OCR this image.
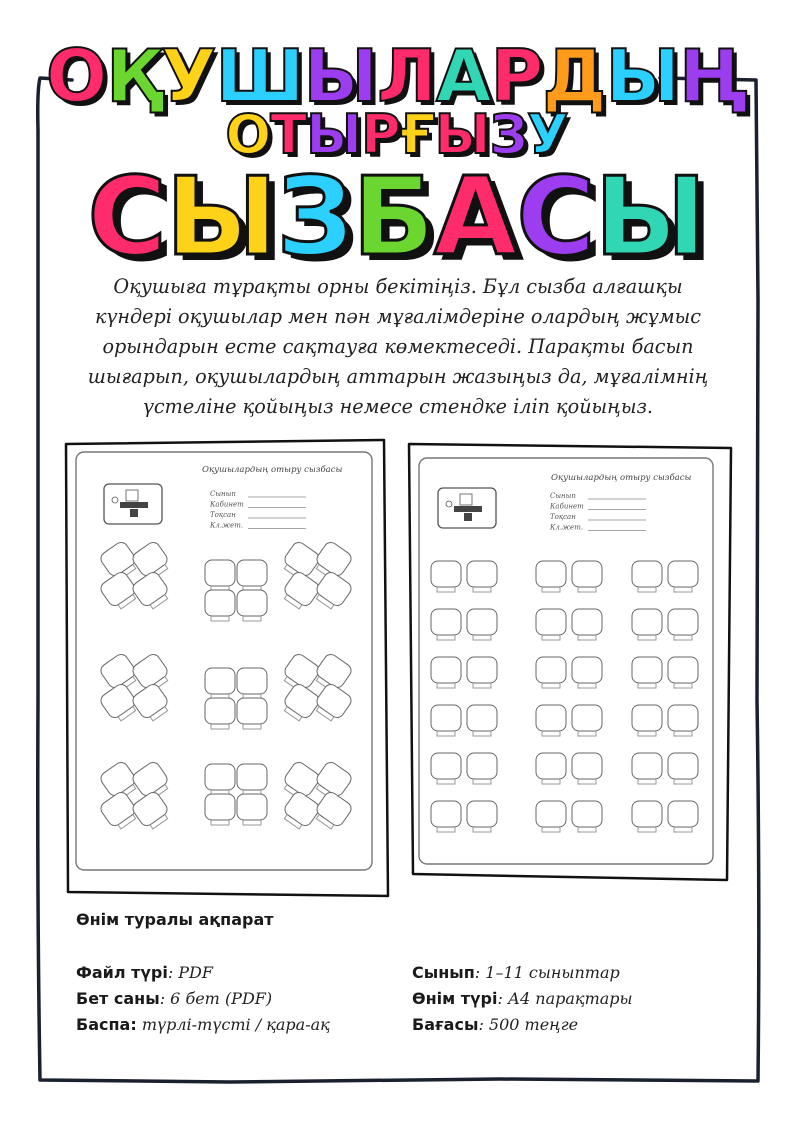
ОҚУШЫЛАРДЫҢ
ОТЫРҒЫЗУ
СЫЗБАСЫ
Оқушыға тұрақты орны бекітіңіз. Бұл сызба алғашқы күндері оқушылар мен пән мұғалімдеріне олардың жұмыс орындарын есте сақтауға көмектеседі. Парақты басып шығарып, оқушылардың аттарын жазыңыз да, мұғалімнің үстеліне қойыңыз немесе стендке іліп қойыңыз.
Оқушылардың отыру сызбасы
Сынып
Кабинет
Тоқсан
Кл.жет.
Оқушылардың отыру сызбасы
Сынып
Кабинет
Тоқсан
Кл.жет.
Өнім туралы ақпарат
Файл түрі: PDF
Бет саны: 6 бет (PDF)
Баспа: түрлі-түсті / қара-ақ
Сынып: 1–11 сыныптар
Өнім түрі: А4 парақтары
Бағасы: 500 теңге
